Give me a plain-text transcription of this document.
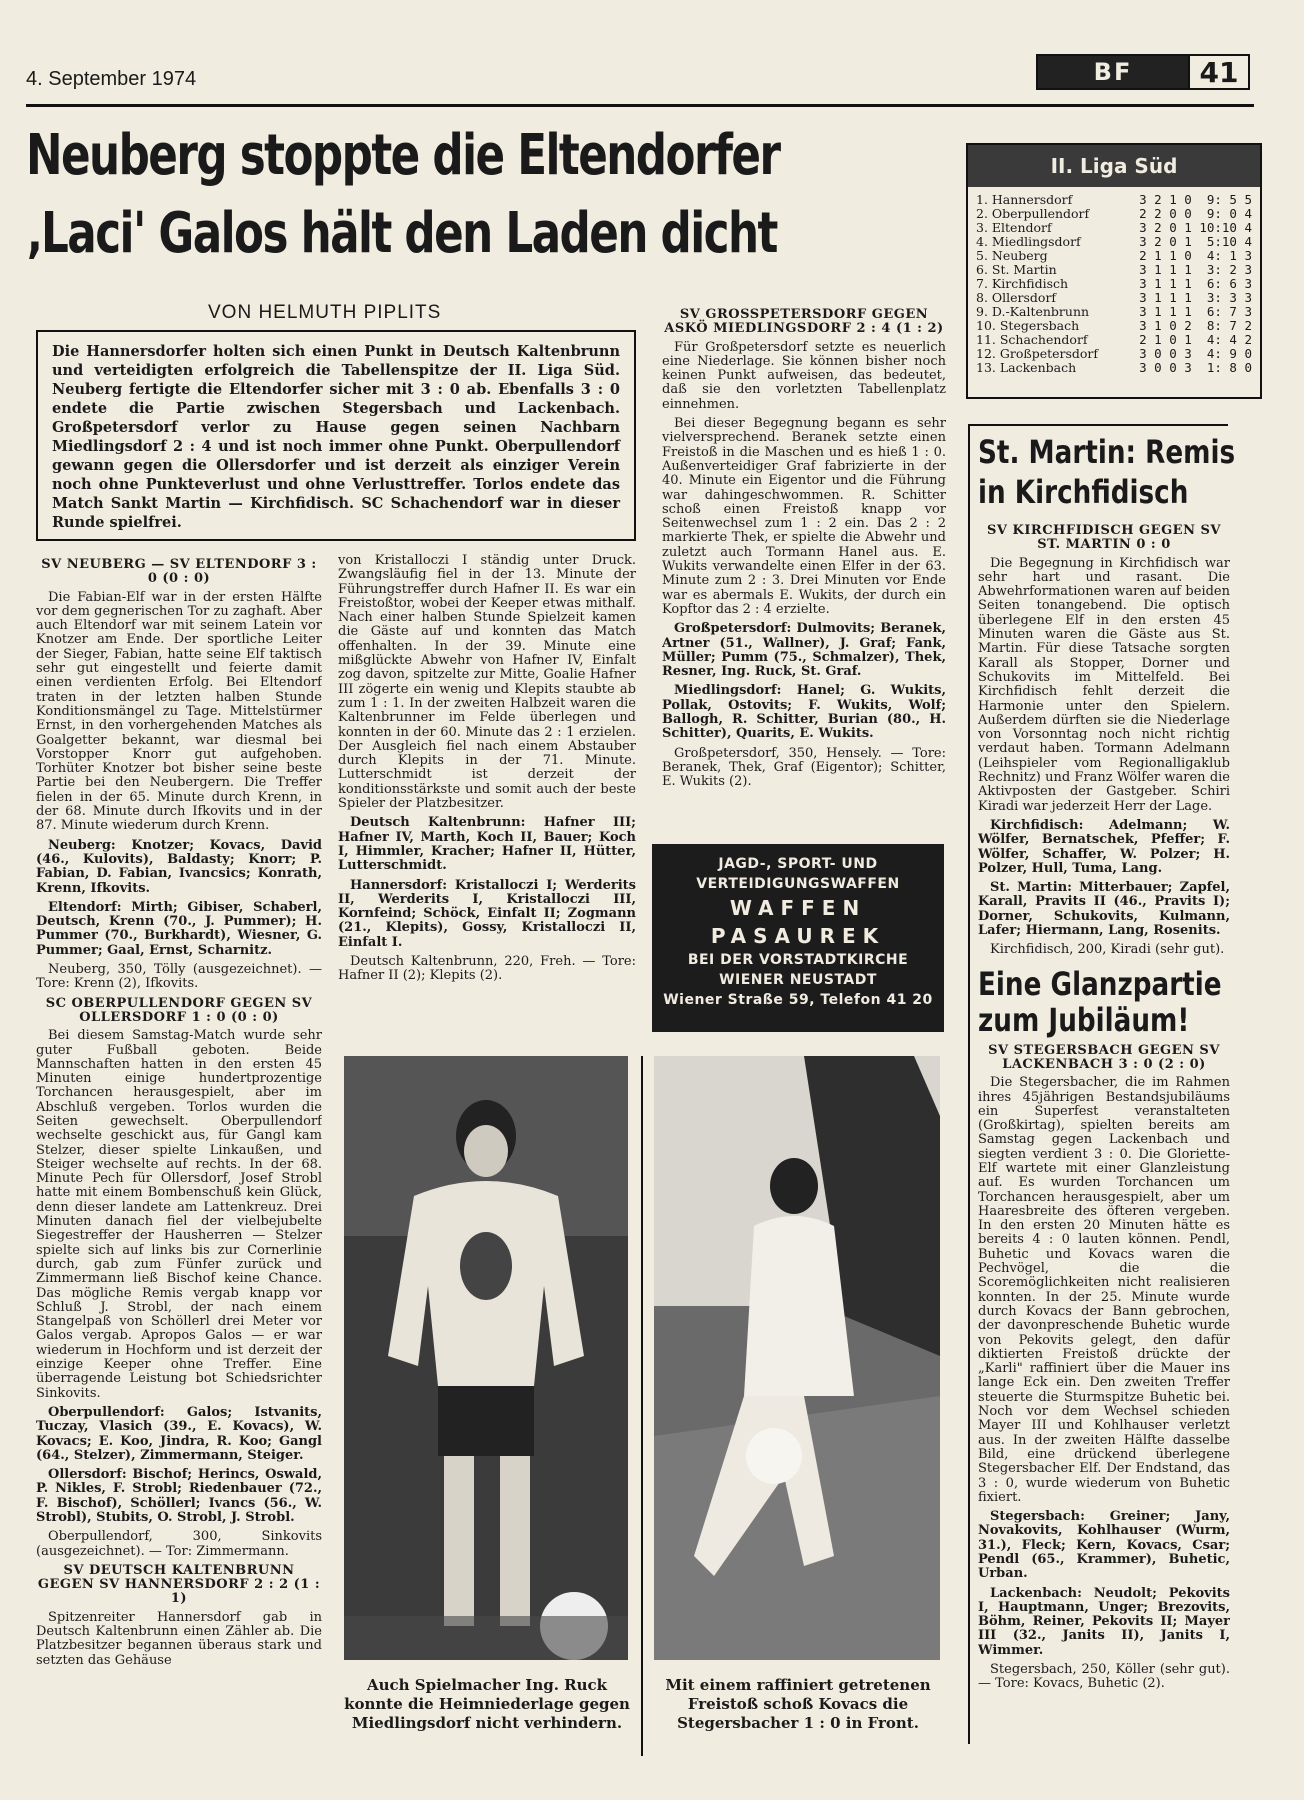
4. September 1974	BF	41
Neuberg stoppte die Eltendorfer
‚Laci' Galos hält den Laden dicht
VON HELMUTH PIPLITS
Die Hannersdorfer holten sich einen Punkt in Deutsch Kaltenbrunn und verteidigten erfolgreich die Tabellenspitze der II. Liga Süd. Neuberg fertigte die Eltendorfer sicher mit 3 : 0 ab. Ebenfalls 3 : 0 endete die Partie zwischen Stegersbach und Lackenbach. Großpetersdorf verlor zu Hause gegen seinen Nachbarn Miedlingsdorf 2 : 4 und ist noch immer ohne Punkt. Oberpullendorf gewann gegen die Ollersdorfer und ist derzeit als einziger Verein noch ohne Punkteverlust und ohne Verlusttreffer. Torlos endete das Match Sankt Martin — Kirchfidisch. SC Schachendorf war in dieser Runde spielfrei.

SV NEUBERG — SV ELTENDORF 3 : 0 (0 : 0)

Die Fabian-Elf war in der ersten Hälfte vor dem gegnerischen Tor zu zaghaft. Aber auch Eltendorf war mit seinem Latein vor Knotzer am Ende. Der sportliche Leiter der Sieger, Fabian, hatte seine Elf taktisch sehr gut eingestellt und feierte damit einen verdienten Erfolg. Bei Eltendorf traten in der letzten halben Stunde Konditionsmängel zu Tage. Mittelstürmer Ernst, in den vorhergehenden Matches als Goalgetter bekannt, war diesmal bei Vorstopper Knorr gut aufgehoben. Torhüter Knotzer bot bisher seine beste Partie bei den Neubergern. Die Treffer fielen in der 65. Minute durch Krenn, in der 68. Minute durch Ifkovits und in der 87. Minute wiederum durch Krenn.

Neuberg: Knotzer; Kovacs, David (46., Kulovits), Baldasty; Knorr; P. Fabian, D. Fabian, Ivancsics; Konrath, Krenn, Ifkovits.

Eltendorf: Mirth; Gibiser, Schaberl, Deutsch, Krenn (70., J. Pummer); H. Pummer (70., Burkhardt), Wiesner, G. Pummer; Gaal, Ernst, Scharnitz.

Neuberg, 350, Tölly (ausgezeichnet). — Tore: Krenn (2), Ifkovits.

SC OBERPULLENDORF GEGEN SV OLLERSDORF 1 : 0 (0 : 0)

Bei diesem Samstag-Match wurde sehr guter Fußball geboten. Beide Mannschaften hatten in den ersten 45 Minuten einige hundertprozentige Torchancen herausgespielt, aber im Abschluß vergeben. Torlos wurden die Seiten gewechselt. Oberpullendorf wechselte geschickt aus, für Gangl kam Stelzer, dieser spielte Linkaußen, und Steiger wechselte auf rechts. In der 68. Minute Pech für Ollersdorf, Josef Strobl hatte mit einem Bombenschuß kein Glück, denn dieser landete am Lattenkreuz. Drei Minuten danach fiel der vielbejubelte Siegestreffer der Hausherren — Stelzer spielte sich auf links bis zur Cornerlinie durch, gab zum Fünfer zurück und Zimmermann ließ Bischof keine Chance. Das mögliche Remis vergab knapp vor Schluß J. Strobl, der nach einem Stangelpaß von Schöllerl drei Meter vor Galos vergab. Apropos Galos — er war wiederum in Hochform und ist derzeit der einzige Keeper ohne Treffer. Eine überragende Leistung bot Schiedsrichter Sinkovits.

Oberpullendorf: Galos; Istvanits, Tuczay, Vlasich (39., E. Kovacs), W. Kovacs; E. Koo, Jindra, R. Koo; Gangl (64., Stelzer), Zimmermann, Steiger.

Ollersdorf: Bischof; Herincs, Oswald, P. Nikles, F. Strobl; Riedenbauer (72., F. Bischof), Schöllerl; Ivancs (56., W. Strobl), Stubits, O. Strobl, J. Strobl.

Oberpullendorf, 300, Sinkovits (ausgezeichnet). — Tor: Zimmermann.

SV DEUTSCH KALTENBRUNN GEGEN SV HANNERSDORF 2 : 2 (1 : 1)

Spitzenreiter Hannersdorf gab in Deutsch Kaltenbrunn einen Zähler ab. Die Platzbesitzer begannen überaus stark und setzten das Gehäuse

von Kristalloczi I ständig unter Druck. Zwangsläufig fiel in der 13. Minute der Führungstreffer durch Hafner II. Es war ein Freistoßtor, wobei der Keeper etwas mithalf. Nach einer halben Stunde Spielzeit kamen die Gäste auf und konnten das Match offenhalten. In der 39. Minute eine mißglückte Abwehr von Hafner IV, Einfalt zog davon, spitzelte zur Mitte, Goalie Hafner III zögerte ein wenig und Klepits staubte ab zum 1 : 1. In der zweiten Halbzeit waren die Kaltenbrunner im Felde überlegen und konnten in der 60. Minute das 2 : 1 erzielen. Der Ausgleich fiel nach einem Abstauber durch Klepits in der 71. Minute. Lutterschmidt ist derzeit der konditionsstärkste und somit auch der beste Spieler der Platzbesitzer.

Deutsch Kaltenbrunn: Hafner III; Hafner IV, Marth, Koch II, Bauer; Koch I, Himmler, Kracher; Hafner II, Hütter, Lutterschmidt.

Hannersdorf: Kristalloczi I; Werderits II, Werderits I, Kristalloczi III, Kornfeind; Schöck, Einfalt II; Zogmann (21., Klepits), Gossy, Kristalloczi II, Einfalt I.

Deutsch Kaltenbrunn, 220, Freh. — Tore: Hafner II (2); Klepits (2).

SV GROSSPETERSDORF GEGEN ASKÖ MIEDLINGSDORF 2 : 4 (1 : 2)

Für Großpetersdorf setzte es neuerlich eine Niederlage. Sie können bisher noch keinen Punkt aufweisen, das bedeutet, daß sie den vorletzten Tabellenplatz einnehmen.

Bei dieser Begegnung begann es sehr vielversprechend. Beranek setzte einen Freistoß in die Maschen und es hieß 1 : 0. Außenverteidiger Graf fabrizierte in der 40. Minute ein Eigentor und die Führung war dahingeschwommen. R. Schitter schoß einen Freistoß knapp vor Seitenwechsel zum 1 : 2 ein. Das 2 : 2 markierte Thek, er spielte die Abwehr und zuletzt auch Tormann Hanel aus. E. Wukits verwandelte einen Elfer in der 63. Minute zum 2 : 3. Drei Minuten vor Ende war es abermals E. Wukits, der durch ein Kopftor das 2 : 4 erzielte.

Großpetersdorf: Dulmovits; Beranek, Artner (51., Wallner), J. Graf; Fank, Müller; Pumm (75., Schmalzer), Thek, Resner, Ing. Ruck, St. Graf.

Miedlingsdorf: Hanel; G. Wukits, Pollak, Ostovits; F. Wukits, Wolf; Ballogh, R. Schitter, Burian (80., H. Schitter), Quarits, E. Wukits.

Großpetersdorf, 350, Hensely. — Tore: Beranek, Thek, Graf (Eigentor); Schitter, E. Wukits (2).

II. Liga Süd
1. Hannersdorf	3 2 1 0  9: 5 5
2. Oberpullendorf	2 2 0 0  9: 0 4
3. Eltendorf	3 2 0 1 10:10 4
4. Miedlingsdorf	3 2 0 1  5:10 4
5. Neuberg	2 1 1 0  4: 1 3
6. St. Martin	3 1 1 1  3: 2 3
7. Kirchfidisch	3 1 1 1  6: 6 3
8. Ollersdorf	3 1 1 1  3: 3 3
9. D.-Kaltenbrunn	3 1 1 1  6: 7 3
10. Stegersbach	3 1 0 2  8: 7 2
11. Schachendorf	2 1 0 1  4: 4 2
12. Großpetersdorf	3 0 0 3  4: 9 0
13. Lackenbach	3 0 0 3  1: 8 0
St. Martin: Remis
in Kirchfidisch

SV KIRCHFIDISCH GEGEN SV ST. MARTIN 0 : 0

Die Begegnung in Kirchfidisch war sehr hart und rasant. Die Abwehrformationen waren auf beiden Seiten tonangebend. Die optisch überlegene Elf in den ersten 45 Minuten waren die Gäste aus St. Martin. Für diese Tatsache sorgten Karall als Stopper, Dorner und Schukovits im Mittelfeld. Bei Kirchfidisch fehlt derzeit die Harmonie unter den Spielern. Außerdem dürften sie die Niederlage von Vorsonntag noch nicht richtig verdaut haben. Tormann Adelmann (Leihspieler vom Regionalligaklub Rechnitz) und Franz Wölfer waren die Aktivposten der Gastgeber. Schiri Kiradi war jederzeit Herr der Lage.

Kirchfidisch: Adelmann; W. Wölfer, Bernatschek, Pfeffer; F. Wölfer, Schaffer, W. Polzer; H. Polzer, Hull, Tuma, Lang.

St. Martin: Mitterbauer; Zapfel, Karall, Pravits II (46., Pravits I); Dorner, Schukovits, Kulmann, Lafer; Hiermann, Lang, Rosenits.

Kirchfidisch, 200, Kiradi (sehr gut).

Eine Glanzpartie
zum Jubiläum!

SV STEGERSBACH GEGEN SV LACKENBACH 3 : 0 (2 : 0)

Die Stegersbacher, die im Rahmen ihres 45jährigen Bestandsjubiläums ein Superfest veranstalteten (Großkirtag), spielten bereits am Samstag gegen Lackenbach und siegten verdient 3 : 0. Die Gloriette-Elf wartete mit einer Glanzleistung auf. Es wurden Torchancen um Torchancen herausgespielt, aber um Haaresbreite des öfteren vergeben. In den ersten 20 Minuten hätte es bereits 4 : 0 lauten können. Pendl, Buhetic und Kovacs waren die Pechvögel, die die Scoremöglichkeiten nicht realisieren konnten. In der 25. Minute wurde durch Kovacs der Bann gebrochen, der davonpreschende Buhetic wurde von Pekovits gelegt, den dafür diktierten Freistoß drückte der „Karli" raffiniert über die Mauer ins lange Eck ein. Den zweiten Treffer steuerte die Sturmspitze Buhetic bei. Noch vor dem Wechsel schieden Mayer III und Kohlhauser verletzt aus. In der zweiten Hälfte dasselbe Bild, eine drückend überlegene Stegersbacher Elf. Der Endstand, das 3 : 0, wurde wiederum von Buhetic fixiert.

Stegersbach: Greiner; Jany, Novakovits, Kohlhauser (Wurm, 31.), Fleck; Kern, Kovacs, Csar; Pendl (65., Krammer), Buhetic, Urban.

Lackenbach: Neudolt; Pekovits I, Hauptmann, Unger; Brezovits, Böhm, Reiner, Pekovits II; Mayer III (32., Janits II), Janits I, Wimmer.

Stegersbach, 250, Köller (sehr gut). — Tore: Kovacs, Buhetic (2).

JAGD-, SPORT- UND
VERTEIDIGUNGSWAFFEN
WAFFEN
PASAUREK
BEI DER VORSTADTKIRCHE
WIENER NEUSTADT
Wiener Straße 59, Telefon 41 20
Auch Spielmacher Ing. Ruck konnte die Heimniederlage gegen Miedlingsdorf nicht verhindern.
Mit einem raffiniert getretenen Freistoß schoß Kovacs die Stegersbacher 1 : 0 in Front.
